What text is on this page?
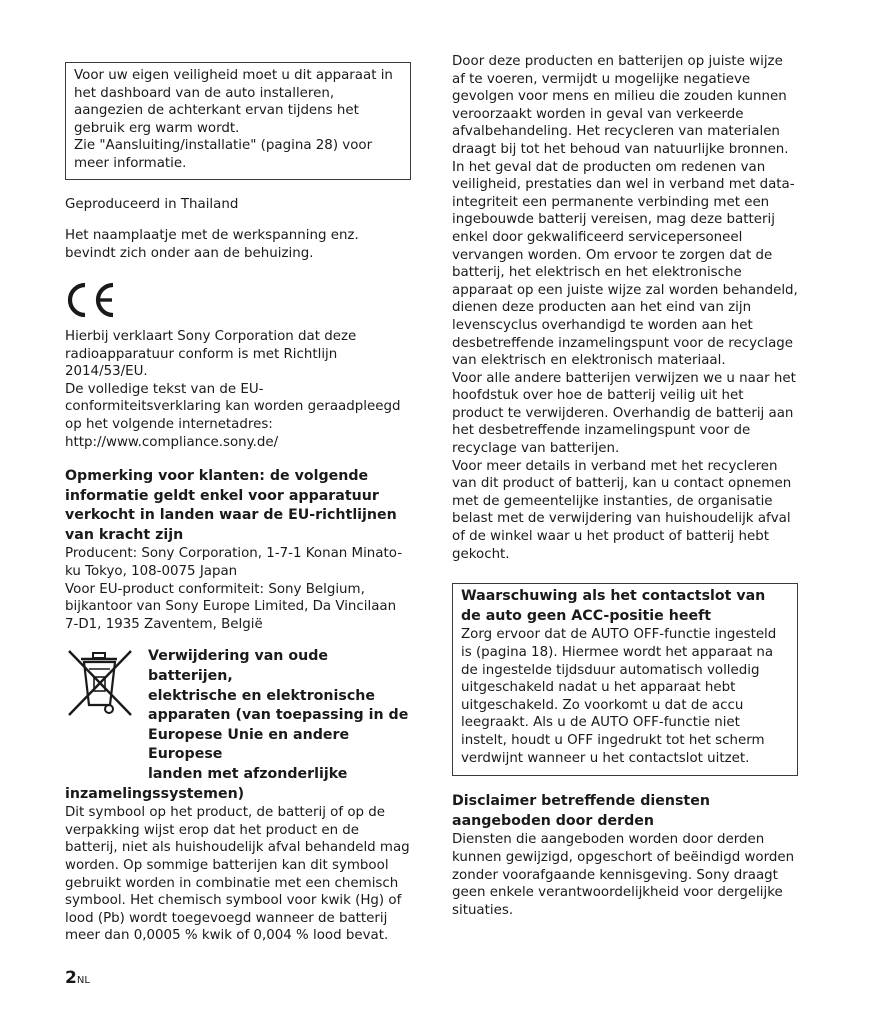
Voor uw eigen veiligheid moet u dit apparaat in het dashboard van de auto installeren, aangezien de achterkant ervan tijdens het gebruik erg warm wordt.

Zie "Aansluiting/installatie" (pagina 28) voor meer informatie.

Geproduceerd in Thailand

Het naamplaatje met de werkspanning enz. bevindt zich onder aan de behuizing.

Hierbij verklaart Sony Corporation dat deze radioapparatuur conform is met Richtlijn 2014/53/EU.

De volledige tekst van de EU-conformiteitsverklaring kan worden geraadpleegd op het volgende internetadres:

http://www.compliance.sony.de/

Opmerking voor klanten: de volgende informatie geldt enkel voor apparatuur verkocht in landen waar de EU-richtlijnen van kracht zijn

Producent: Sony Corporation, 1-7-1 Konan Minato-ku Tokyo, 108-0075 Japan

Voor EU-product conformiteit: Sony Belgium, bijkantoor van Sony Europe Limited, Da Vincilaan 7-D1, 1935 Zaventem, België

Verwijdering van oude batterijen,
elektrische en elektronische
apparaten (van toepassing in de
Europese Unie en andere Europese
landen met afzonderlijke
inzamelingssystemen)

Dit symbool op het product, de batterij of op de verpakking wijst erop dat het product en de batterij, niet als huishoudelijk afval behandeld mag worden. Op sommige batterijen kan dit symbool gebruikt worden in combinatie met een chemisch symbool. Het chemisch symbool voor kwik (Hg) of lood (Pb) wordt toegevoegd wanneer de batterij meer dan 0,0005 % kwik of 0,004 % lood bevat.

Door deze producten en batterijen op juiste wijze af te voeren, vermijdt u mogelijke negatieve gevolgen voor mens en milieu die zouden kunnen veroorzaakt worden in geval van verkeerde afvalbehandeling. Het recycleren van materialen draagt bij tot het behoud van natuurlijke bronnen.

In het geval dat de producten om redenen van veiligheid, prestaties dan wel in verband met data-integriteit een permanente verbinding met een ingebouwde batterij vereisen, mag deze batterij enkel door gekwalificeerd servicepersoneel vervangen worden. Om ervoor te zorgen dat de batterij, het elektrisch en het elektronische apparaat op een juiste wijze zal worden behandeld, dienen deze producten aan het eind van zijn levenscyclus overhandigd te worden aan het desbetreffende inzamelingspunt voor de recyclage van elektrisch en elektronisch materiaal.

Voor alle andere batterijen verwijzen we u naar het hoofdstuk over hoe de batterij veilig uit het product te verwijderen. Overhandig de batterij aan het desbetreffende inzamelingspunt voor de recyclage van batterijen.

Voor meer details in verband met het recycleren van dit product of batterij, kan u contact opnemen met de gemeentelijke instanties, de organisatie belast met de verwijdering van huishoudelijk afval of de winkel waar u het product of batterij hebt gekocht.

Waarschuwing als het contactslot van de auto geen ACC-positie heeft

Zorg ervoor dat de AUTO OFF-functie ingesteld is (pagina 18). Hiermee wordt het apparaat na de ingestelde tijdsduur automatisch volledig uitgeschakeld nadat u het apparaat hebt uitgeschakeld. Zo voorkomt u dat de accu leegraakt. Als u de AUTO OFF-functie niet instelt, houdt u OFF ingedrukt tot het scherm verdwijnt wanneer u het contactslot uitzet.

Disclaimer betreffende diensten aangeboden door derden

Diensten die aangeboden worden door derden kunnen gewijzigd, opgeschort of beëindigd worden zonder voorafgaande kennisgeving. Sony draagt geen enkele verantwoordelijkheid voor dergelijke situaties.

2NL
